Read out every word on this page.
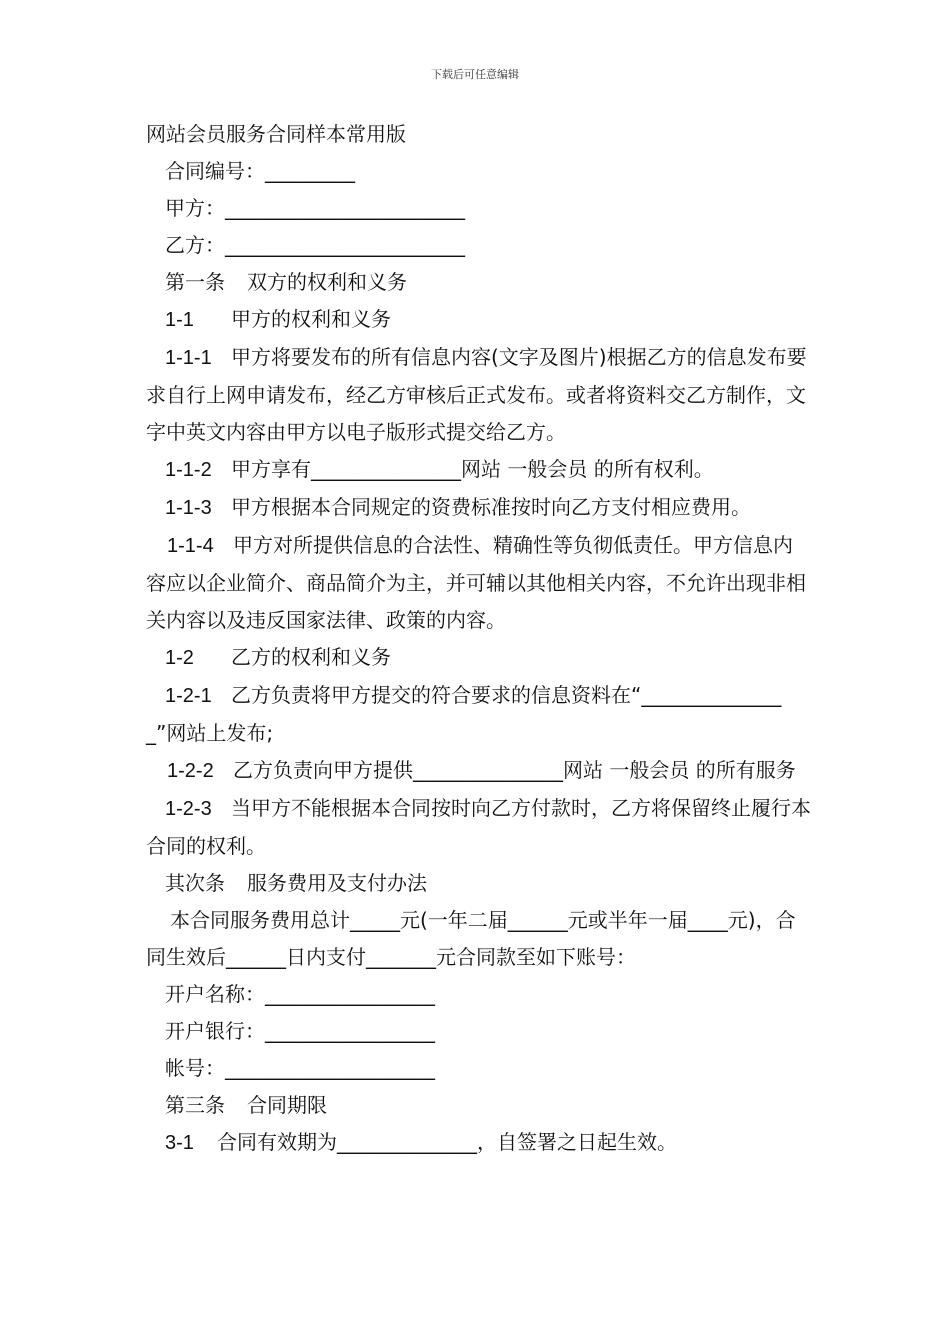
下载后可任意编辑
网站会员服务合同样本常用版
合同编号：_________
甲方：________________________
乙方：________________________
第一条 双方的权利和义务
1-1 甲方的权利和义务
1-1-1 甲方将要发布的所有信息内容(文字及图片)根据乙方的信息发布要求自行上网申请发布，经乙方审核后正式发布。或者将资料交乙方制作，文字中英文内容由甲方以电子版形式提交给乙方。
1-1-2 甲方享有_______________网站 一般会员 的所有权利。
1-1-3 甲方根据本合同规定的资费标准按时向乙方支付相应费用。
1-1-4 甲方对所提供信息的合法性、精确性等负彻低责任。甲方信息内容应以企业简介、商品简介为主，并可辅以其他相关内容，不允许出现非相关内容以及违反国家法律、政策的内容。
1-2 乙方的权利和义务
1-2-1 乙方负责将甲方提交的符合要求的信息资料在“_______________”网站上发布;
1-2-2 乙方负责向甲方提供_______________网站 一般会员 的所有服务
1-2-3 当甲方不能根据本合同按时向乙方付款时，乙方将保留终止履行本合同的权利。
其次条 服务费用及支付办法
本合同服务费用总计_____元(一年二届______元或半年一届____元)，合同生效后______日内支付_______元合同款至如下账号：
开户名称：_________________
开户银行：_________________
帐号：_____________________
第三条 合同期限
3-1 合同有效期为______________，自签署之日起生效。
